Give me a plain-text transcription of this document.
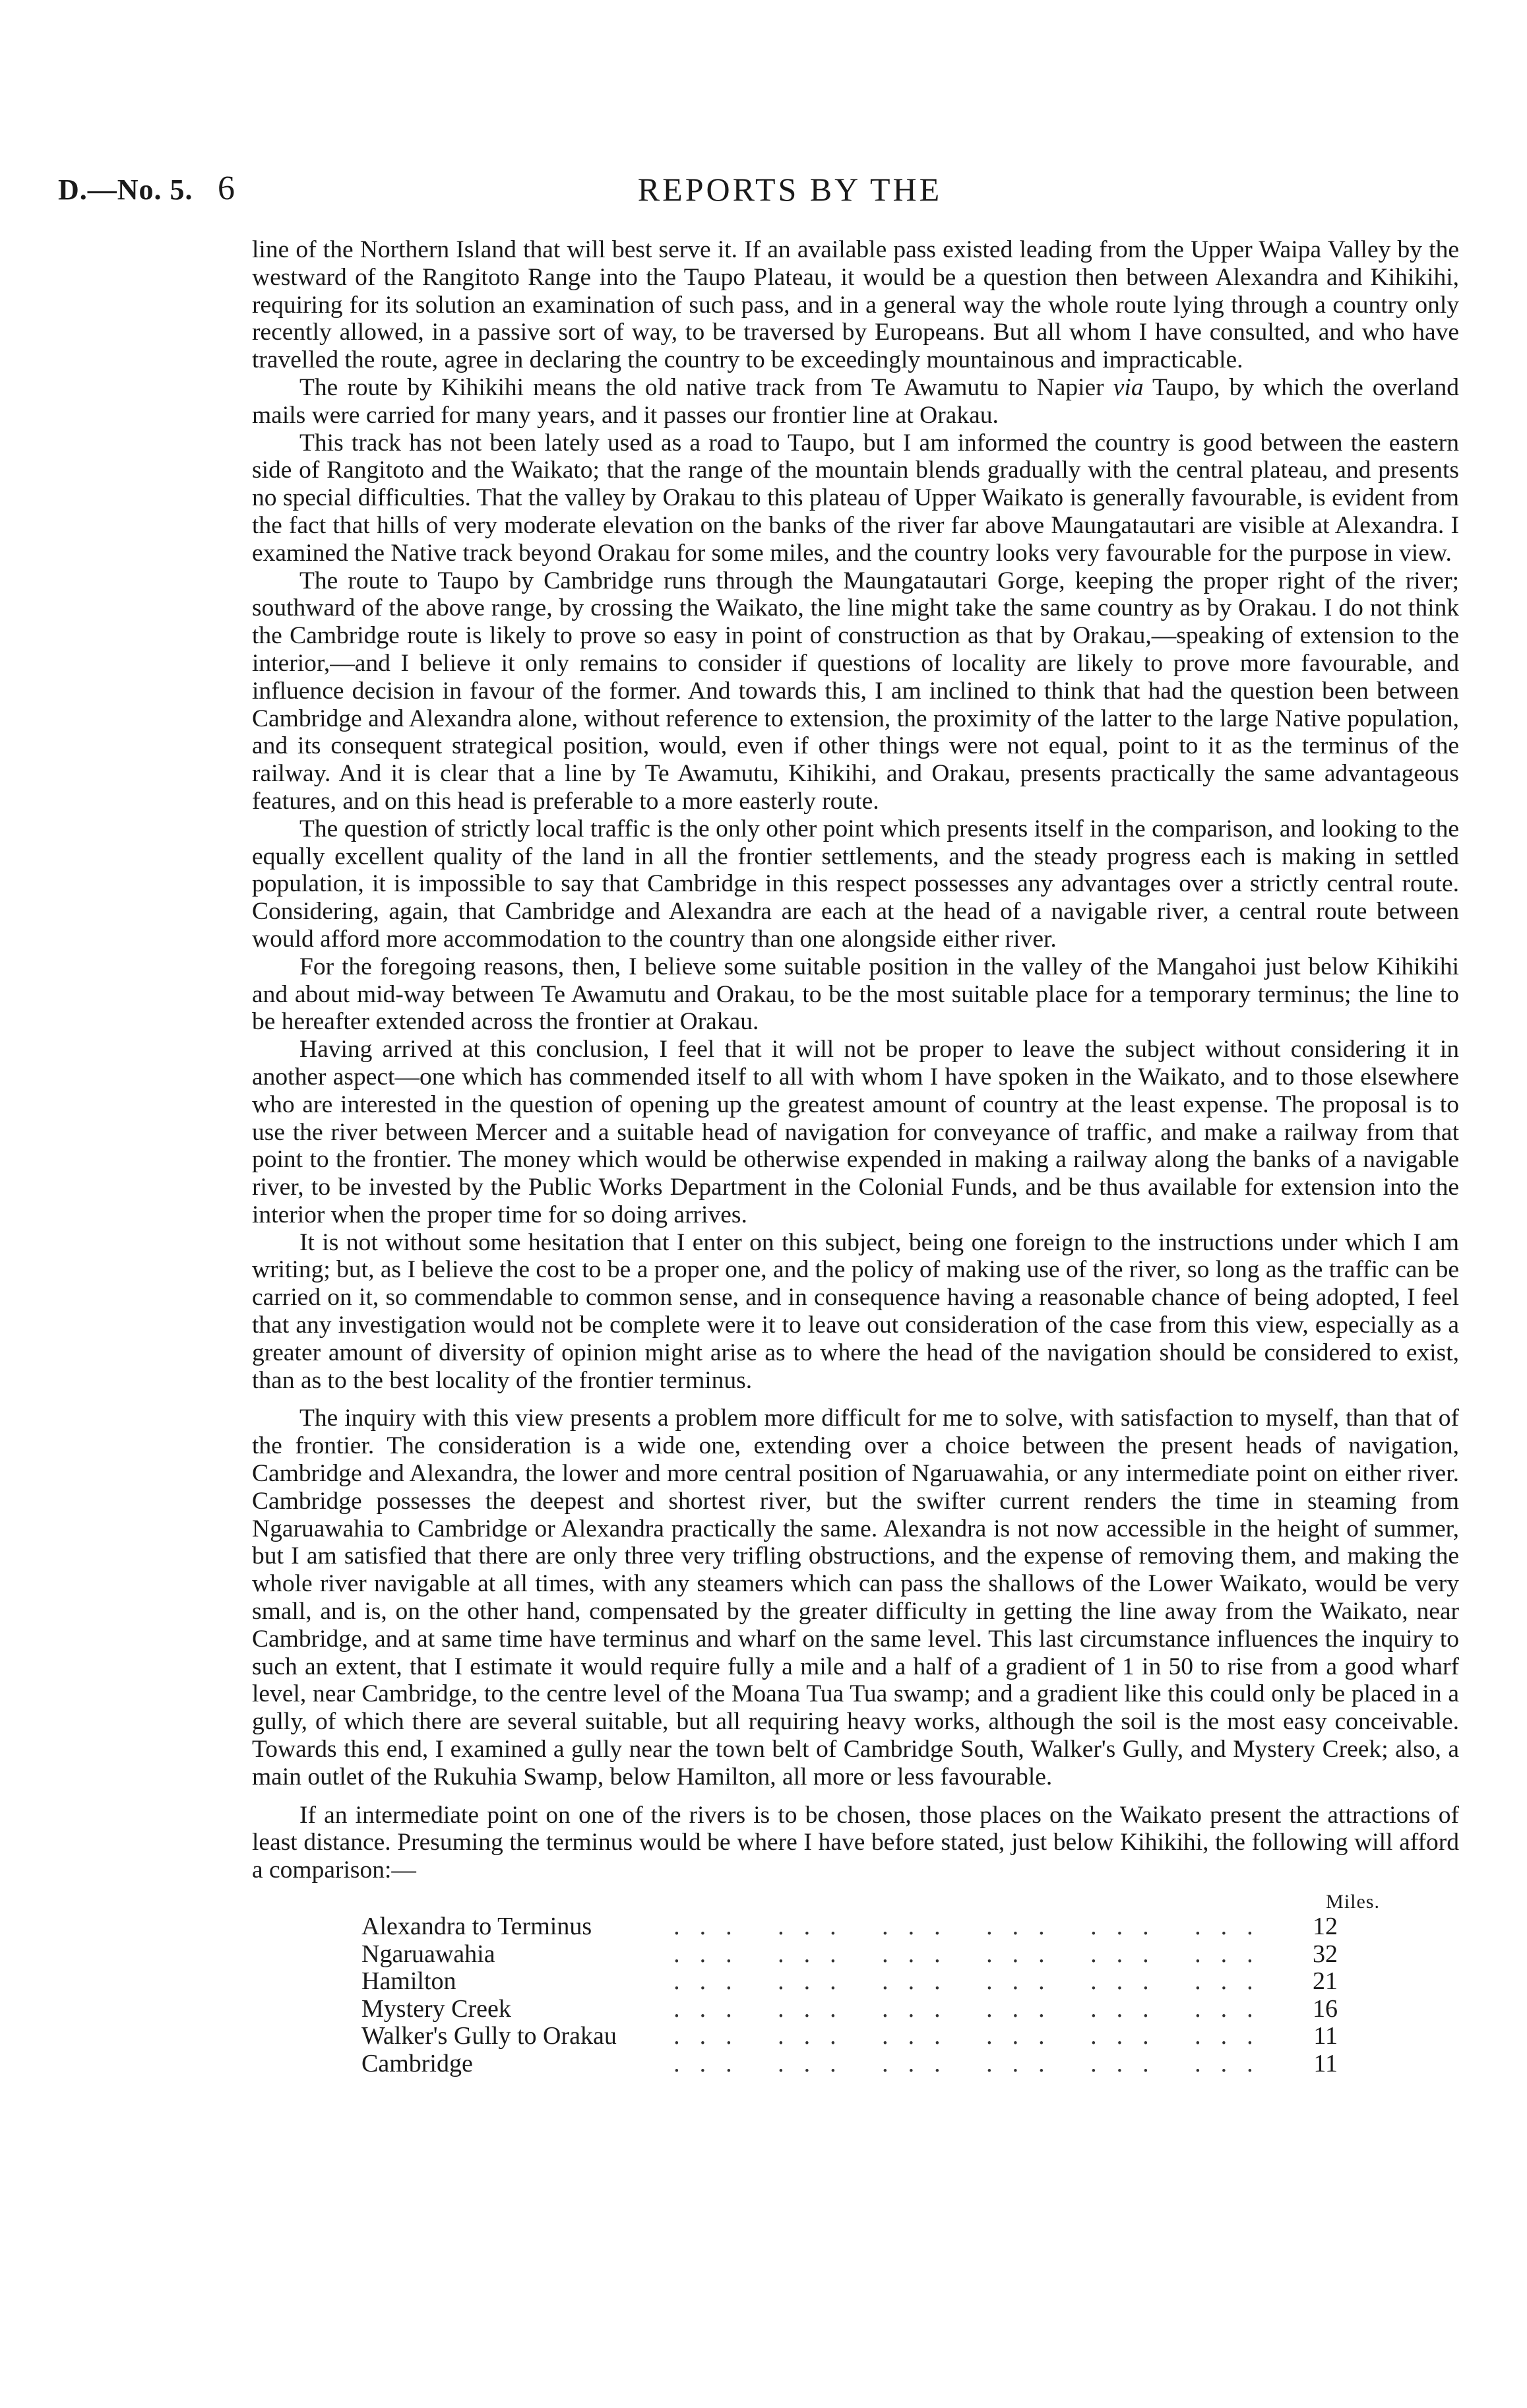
D.—No. 5. 6	REPORTS BY THE

line of the Northern Island that will best serve it. If an available pass existed leading from the Upper Waipa Valley by the westward of the Rangitoto Range into the Taupo Plateau, it would be a question then between Alexandra and Kihikihi, requiring for its solution an examination of such pass, and in a general way the whole route lying through a country only recently allowed, in a passive sort of way, to be traversed by Europeans. But all whom I have consulted, and who have travelled the route, agree in declaring the country to be exceedingly mountainous and impracticable.

The route by Kihikihi means the old native track from Te Awamutu to Napier via Taupo, by which the overland mails were carried for many years, and it passes our frontier line at Orakau.

This track has not been lately used as a road to Taupo, but I am informed the country is good between the eastern side of Rangitoto and the Waikato; that the range of the mountain blends gradually with the central plateau, and presents no special difficulties. That the valley by Orakau to this plateau of Upper Waikato is generally favourable, is evident from the fact that hills of very moderate elevation on the banks of the river far above Maungatautari are visible at Alexandra. I examined the Native track beyond Orakau for some miles, and the country looks very favourable for the purpose in view.

The route to Taupo by Cambridge runs through the Maungatautari Gorge, keeping the proper right of the river; southward of the above range, by crossing the Waikato, the line might take the same country as by Orakau. I do not think the Cambridge route is likely to prove so easy in point of construction as that by Orakau,—speaking of extension to the interior,—and I believe it only remains to consider if questions of locality are likely to prove more favourable, and influence decision in favour of the former. And towards this, I am inclined to think that had the question been between Cambridge and Alexandra alone, without reference to extension, the proximity of the latter to the large Native population, and its consequent strategical position, would, even if other things were not equal, point to it as the terminus of the railway. And it is clear that a line by Te Awamutu, Kihikihi, and Orakau, presents practically the same advantageous features, and on this head is preferable to a more easterly route.

The question of strictly local traffic is the only other point which presents itself in the comparison, and looking to the equally excellent quality of the land in all the frontier settlements, and the steady progress each is making in settled population, it is impossible to say that Cambridge in this respect possesses any advantages over a strictly central route. Considering, again, that Cambridge and Alexandra are each at the head of a navigable river, a central route between would afford more accommodation to the country than one alongside either river.

For the foregoing reasons, then, I believe some suitable position in the valley of the Mangahoi just below Kihikihi and about mid-way between Te Awamutu and Orakau, to be the most suitable place for a temporary terminus; the line to be hereafter extended across the frontier at Orakau.

Having arrived at this conclusion, I feel that it will not be proper to leave the subject without considering it in another aspect—one which has commended itself to all with whom I have spoken in the Waikato, and to those elsewhere who are interested in the question of opening up the greatest amount of country at the least expense. The proposal is to use the river between Mercer and a suitable head of navigation for conveyance of traffic, and make a railway from that point to the frontier. The money which would be otherwise expended in making a railway along the banks of a navigable river, to be invested by the Public Works Department in the Colonial Funds, and be thus available for extension into the interior when the proper time for so doing arrives.

It is not without some hesitation that I enter on this subject, being one foreign to the instructions under which I am writing; but, as I believe the cost to be a proper one, and the policy of making use of the river, so long as the traffic can be carried on it, so commendable to common sense, and in consequence having a reasonable chance of being adopted, I feel that any investigation would not be complete were it to leave out consideration of the case from this view, especially as a greater amount of diversity of opinion might arise as to where the head of the navigation should be considered to exist, than as to the best locality of the frontier terminus.

The inquiry with this view presents a problem more difficult for me to solve, with satisfaction to myself, than that of the frontier. The consideration is a wide one, extending over a choice between the present heads of navigation, Cambridge and Alexandra, the lower and more central position of Ngaruawahia, or any intermediate point on either river. Cambridge possesses the deepest and shortest river, but the swifter current renders the time in steaming from Ngaruawahia to Cambridge or Alexandra practically the same. Alexandra is not now accessible in the height of summer, but I am satisfied that there are only three very trifling obstructions, and the expense of removing them, and making the whole river navigable at all times, with any steamers which can pass the shallows of the Lower Waikato, would be very small, and is, on the other hand, compensated by the greater difficulty in getting the line away from the Waikato, near Cambridge, and at same time have terminus and wharf on the same level. This last circumstance influences the inquiry to such an extent, that I estimate it would require fully a mile and a half of a gradient of 1 in 50 to rise from a good wharf level, near Cambridge, to the centre level of the Moana Tua Tua swamp; and a gradient like this could only be placed in a gully, of which there are several suitable, but all requiring heavy works, although the soil is the most easy conceivable. Towards this end, I examined a gully near the town belt of Cambridge South, Walker's Gully, and Mystery Creek; also, a main outlet of the Rukuhia Swamp, below Hamilton, all more or less favourable.

If an intermediate point on one of the rivers is to be chosen, those places on the Waikato present the attractions of least distance. Presuming the terminus would be where I have before stated, just below Kihikihi, the following will afford a comparison:—

Miles.
Alexandra to Terminus	... ... ... ... ... ...	12
Ngaruawahia	... ... ... ... ... ...	32
Hamilton	... ... ... ... ... ...	21
Mystery Creek	... ... ... ... ... ...	16
Walker's Gully to Orakau	... ... ... ... ... ...	11
Cambridge	... ... ... ... ... ...	11
